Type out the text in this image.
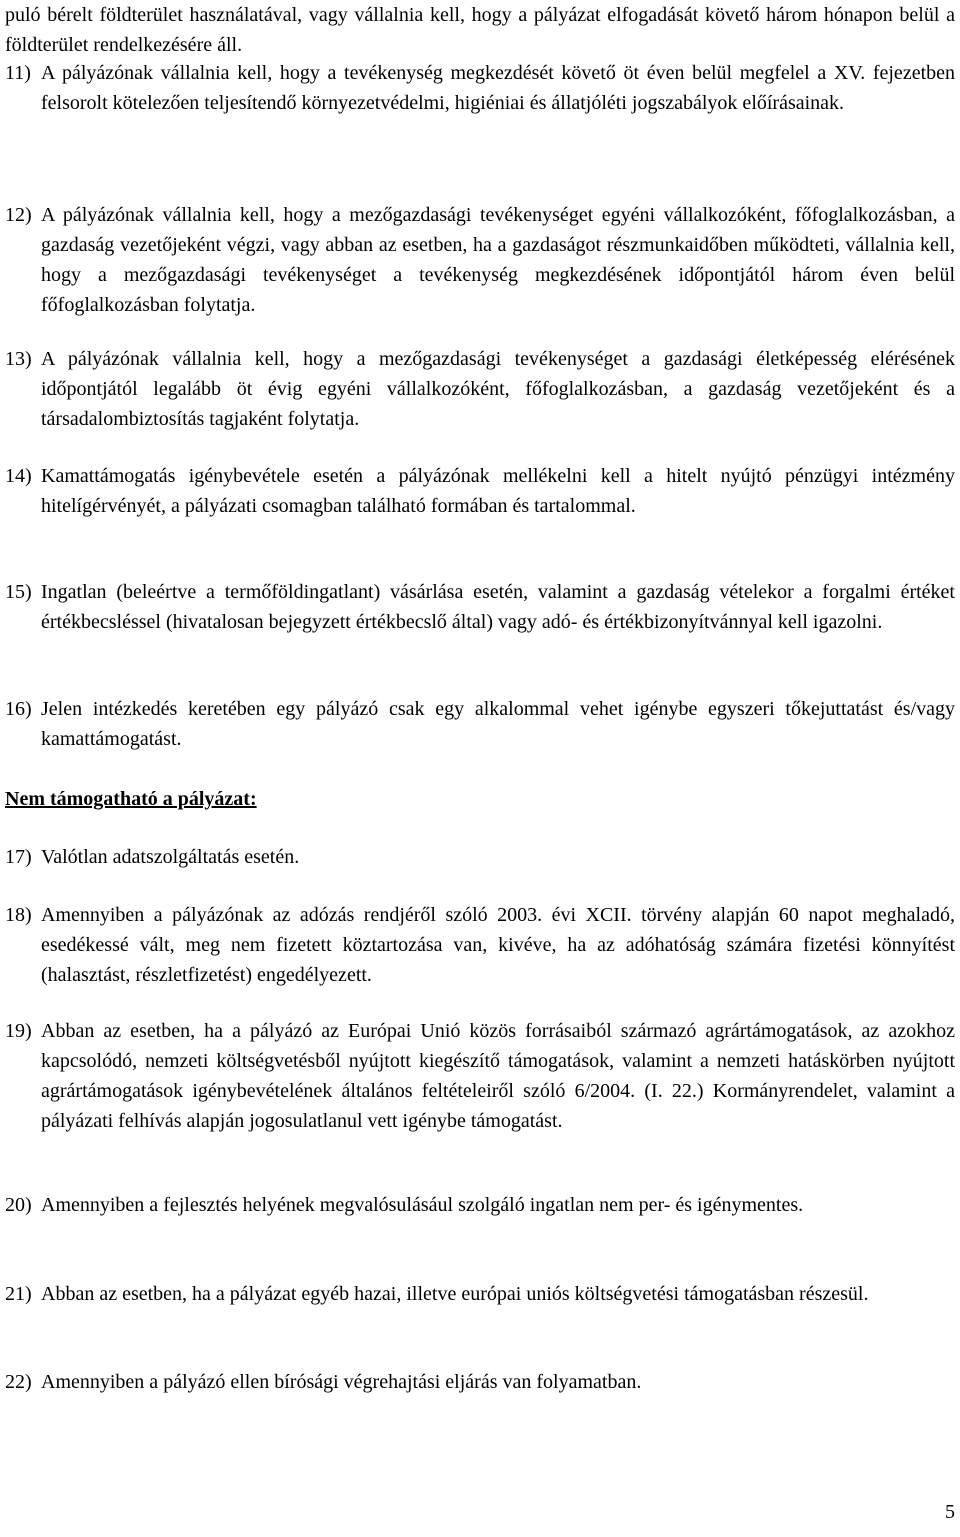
puló bérelt földterület használatával, vagy vállalnia kell, hogy a pályázat elfogadását követő három hónapon belül a földterület rendelkezésére áll.
11) A pályázónak vállalnia kell, hogy a tevékenység megkezdését követő öt éven belül megfelel a XV. fejezetben felsorolt kötelezően teljesítendő környezetvédelmi, higiéniai és állatjóléti jogszabályok előírásainak.
12) A pályázónak vállalnia kell, hogy a mezőgazdasági tevékenységet egyéni vállalkozóként, főfoglalkozásban, a gazdaság vezetőjeként végzi, vagy abban az esetben, ha a gazdaságot részmunkaidőben működteti, vállalnia kell, hogy a mezőgazdasági tevékenységet a tevékenység megkezdésének időpontjától három éven belül főfoglalkozásban folytatja.
13) A pályázónak vállalnia kell, hogy a mezőgazdasági tevékenységet a gazdasági életképesség elérésének időpontjától legalább öt évig egyéni vállalkozóként, főfoglalkozásban, a gazdaság vezetőjeként és a társadalombiztosítás tagjaként folytatja.
14) Kamattámogatás igénybevétele esetén a pályázónak mellékelni kell a hitelt nyújtó pénzügyi intézmény hitelígérvényét, a pályázati csomagban található formában és tartalommal.
15) Ingatlan (beleértve a termőföldingatlant) vásárlása esetén, valamint a gazdaság vételekor a forgalmi értéket értékbecsléssel (hivatalosan bejegyzett értékbecslő által) vagy adó- és értékbizonyítvánnyal kell igazolni.
16) Jelen intézkedés keretében egy pályázó csak egy alkalommal vehet igénybe egyszeri tőkejuttatást és/vagy kamattámogatást.
Nem támogatható a pályázat:
17) Valótlan adatszolgáltatás esetén.
18) Amennyiben a pályázónak az adózás rendjéről szóló 2003. évi XCII. törvény alapján 60 napot meghaladó, esedékessé vált, meg nem fizetett köztartozása van, kivéve, ha az adóhatóság számára fizetési könnyítést (halasztást, részletfizetést) engedélyezett.
19) Abban az esetben, ha a pályázó az Európai Unió közös forrásaiból származó agrártámogatások, az azokhoz kapcsolódó, nemzeti költségvetésből nyújtott kiegészítő támogatások, valamint a nemzeti hatáskörben nyújtott agrártámogatások igénybevételének általános feltételeiről szóló 6/2004. (I. 22.) Kormányrendelet, valamint a pályázati felhívás alapján jogosulatlanul vett igénybe támogatást.
20) Amennyiben a fejlesztés helyének megvalósulásául szolgáló ingatlan nem per- és igénymentes.
21) Abban az esetben, ha a pályázat egyéb hazai, illetve európai uniós költségvetési támogatásban részesül.
22) Amennyiben a pályázó ellen bírósági végrehajtási eljárás van folyamatban.
5
